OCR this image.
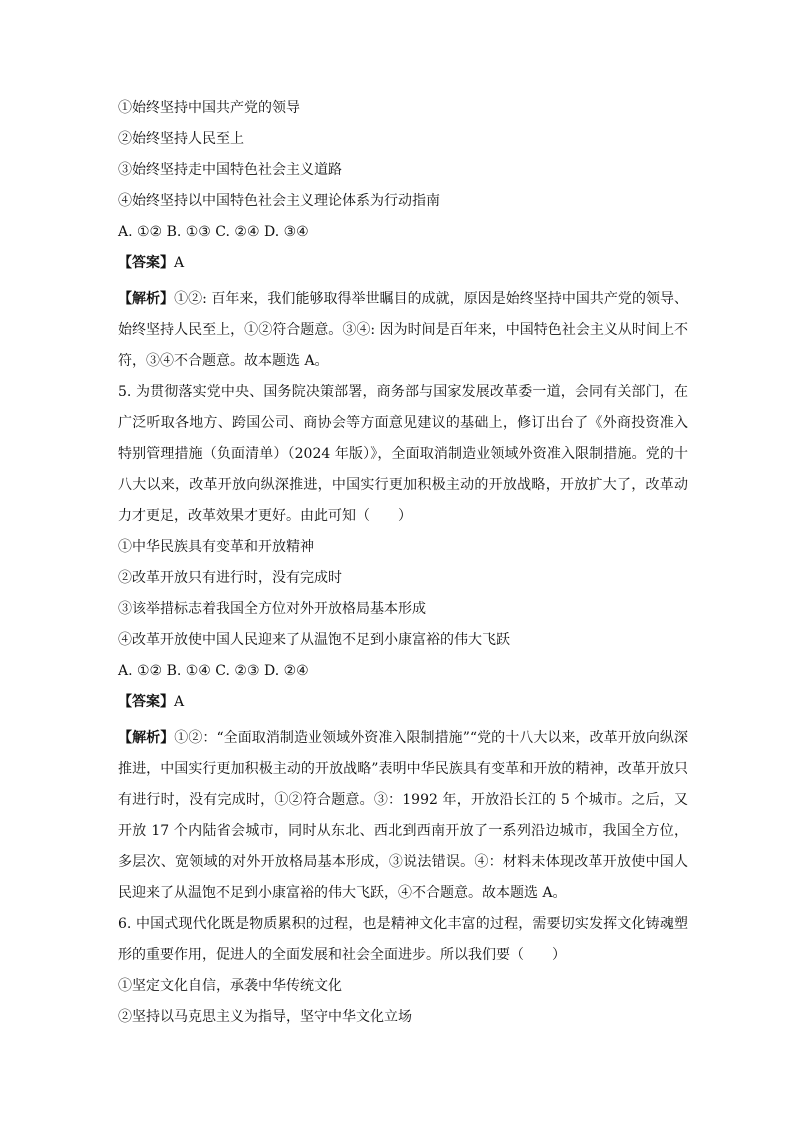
①始终坚持中国共产党的领导
②始终坚持人民至上
③始终坚持走中国特色社会主义道路
④始终坚持以中国特色社会主义理论体系为行动指南
A. ①② B. ①③ C. ②④ D. ③④
【答案】A
【解析】①②: 百年来，我们能够取得举世瞩目的成就，原因是始终坚持中国共产党的领导、始终坚持人民至上，①②符合题意。③④: 因为时间是百年来，中国特色社会主义从时间上不符，③④不合题意。故本题选 A。
5. 为贯彻落实党中央、国务院决策部署，商务部与国家发展改革委一道，会同有关部门，在广泛听取各地方、跨国公司、商协会等方面意见建议的基础上，修订出台了《外商投资准入特别管理措施（负面清单）（2024 年版）》，全面取消制造业领域外资准入限制措施。党的十八大以来，改革开放向纵深推进，中国实行更加积极主动的开放战略，开放扩大了，改革动力才更足，改革效果才更好。由此可知（　　）
①中华民族具有变革和开放精神
②改革开放只有进行时，没有完成时
③该举措标志着我国全方位对外开放格局基本形成
④改革开放使中国人民迎来了从温饱不足到小康富裕的伟大飞跃
A. ①② B. ①④ C. ②③ D. ②④
【答案】A
【解析】①②：“全面取消制造业领域外资准入限制措施”“党的十八大以来，改革开放向纵深推进，中国实行更加积极主动的开放战略”表明中华民族具有变革和开放的精神，改革开放只有进行时，没有完成时，①②符合题意。③：1992 年，开放沿长江的 5 个城市。之后，又开放 17 个内陆省会城市，同时从东北、西北到西南开放了一系列沿边城市，我国全方位，多层次、宽领域的对外开放格局基本形成，③说法错误。④：材料未体现改革开放使中国人民迎来了从温饱不足到小康富裕的伟大飞跃，④不合题意。故本题选 A。
6. 中国式现代化既是物质累积的过程，也是精神文化丰富的过程，需要切实发挥文化铸魂塑形的重要作用，促进人的全面发展和社会全面进步。所以我们要（　　）
①坚定文化自信，承袭中华传统文化
②坚持以马克思主义为指导，坚守中华文化立场
